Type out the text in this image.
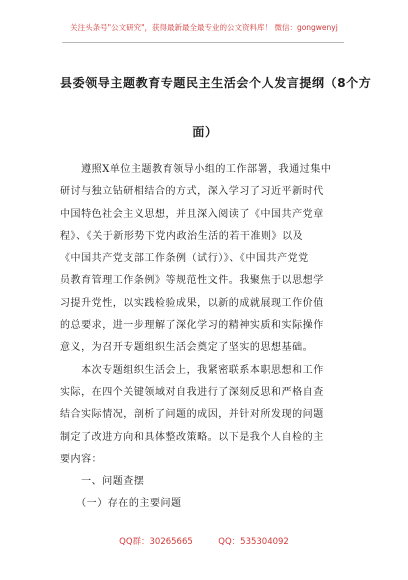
关注头条号"公文研究"，获得最新最全最专业的公文资料库！ 微信：gongwenyj
县委领导主题教育专题民主生活会个人发言提纲（8个方
面）
　　遵照X单位主题教育领导小组的工作部署，我通过集中
研讨与独立钻研相结合的方式，深入学习了习近平新时代
中国特色社会主义思想，并且深入阅读了《中国共产党章
程》、《关于新形势下党内政治生活的若干准则》以及
《中国共产党支部工作条例（试行）》、《中国共产党党
员教育管理工作条例》等规范性文件。我聚焦于以思想学
习提升党性，以实践检验成果，以新的成就展现工作价值
的总要求，进一步理解了深化学习的精神实质和实际操作
意义，为召开专题组织生活会奠定了坚实的思想基础。
　　本次专题组织生活会上，我紧密联系本职思想和工作
实际，在四个关键领域对自我进行了深刻反思和严格自查
结合实际情况，剖析了问题的成因，并针对所发现的问题
制定了改进方向和具体整改策略。以下是我个人自检的主
要内容：
　　一、问题查摆
　　（一）存在的主要问题
QQ群：30265665　　　QQ：535304092
